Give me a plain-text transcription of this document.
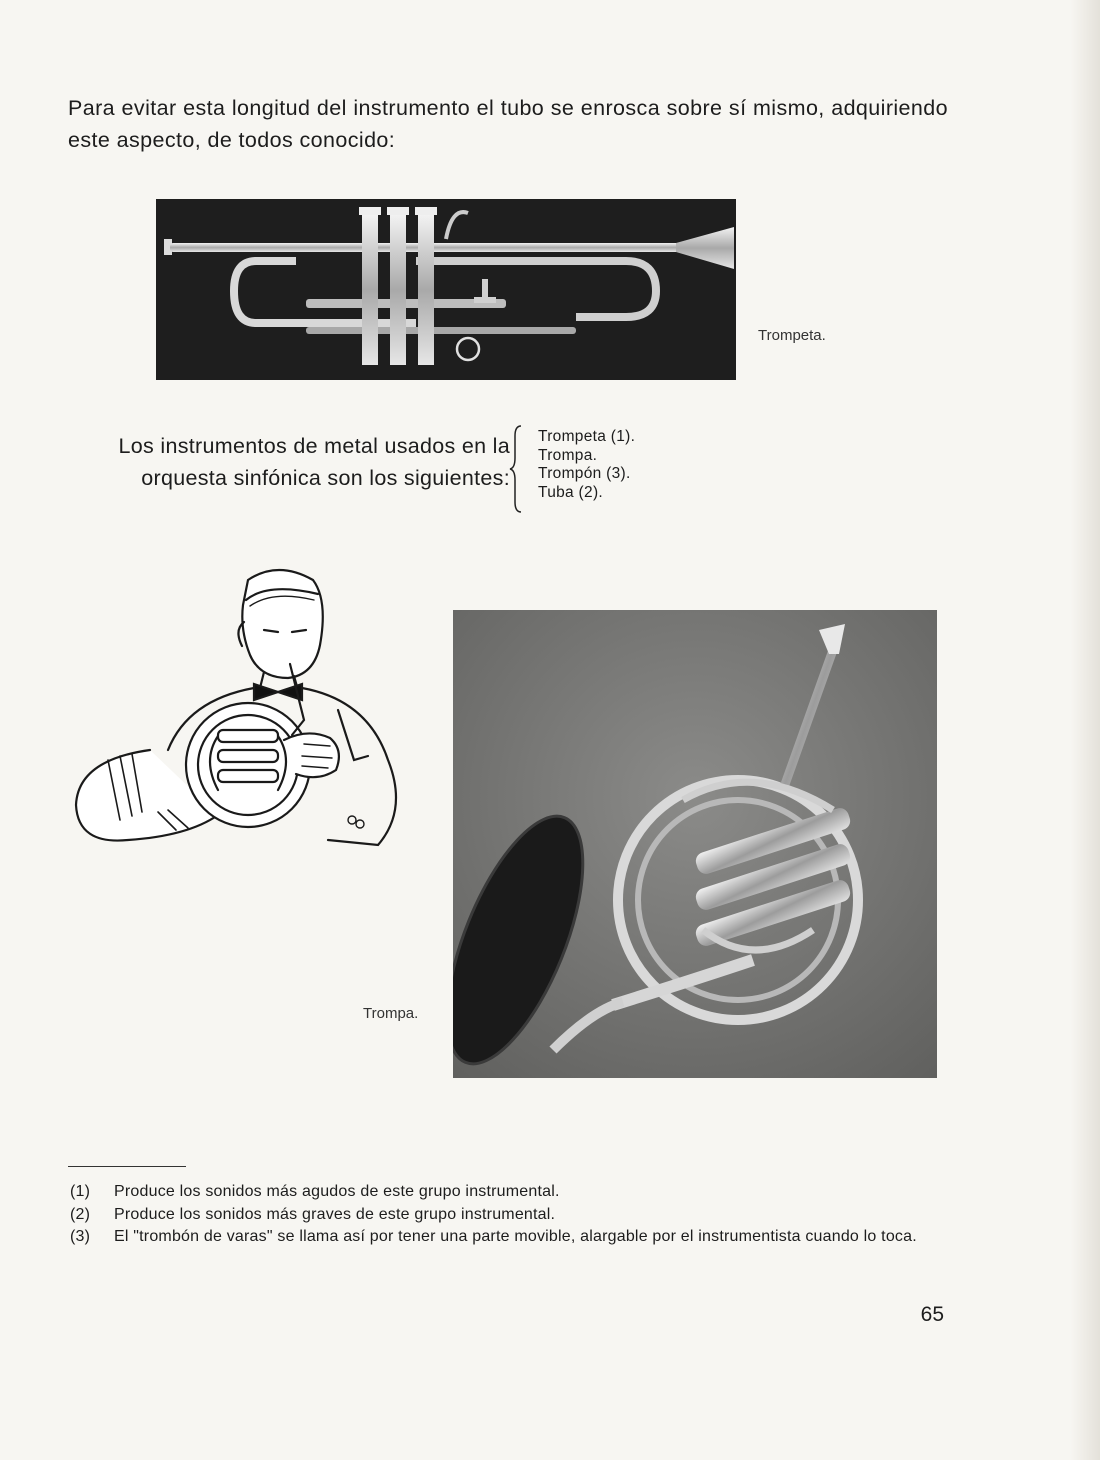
Para evitar esta longitud del instrumento el tubo se enrosca sobre sí mismo, adquiriendo este aspecto, de todos conocido:

Trompeta.
Los instrumentos de metal usados en la
orquesta sinfónica son los siguientes:
Trompeta (1).
Trompa.
Trompón (3).
Tuba (2).
Trompa.
(1)	Produce los sonidos más agudos de este grupo instrumental.
(2)	Produce los sonidos más graves de este grupo instrumental.
(3)	El "trombón de varas" se llama así por tener una parte movible, alargable por el instrumentista cuando lo toca.
65
